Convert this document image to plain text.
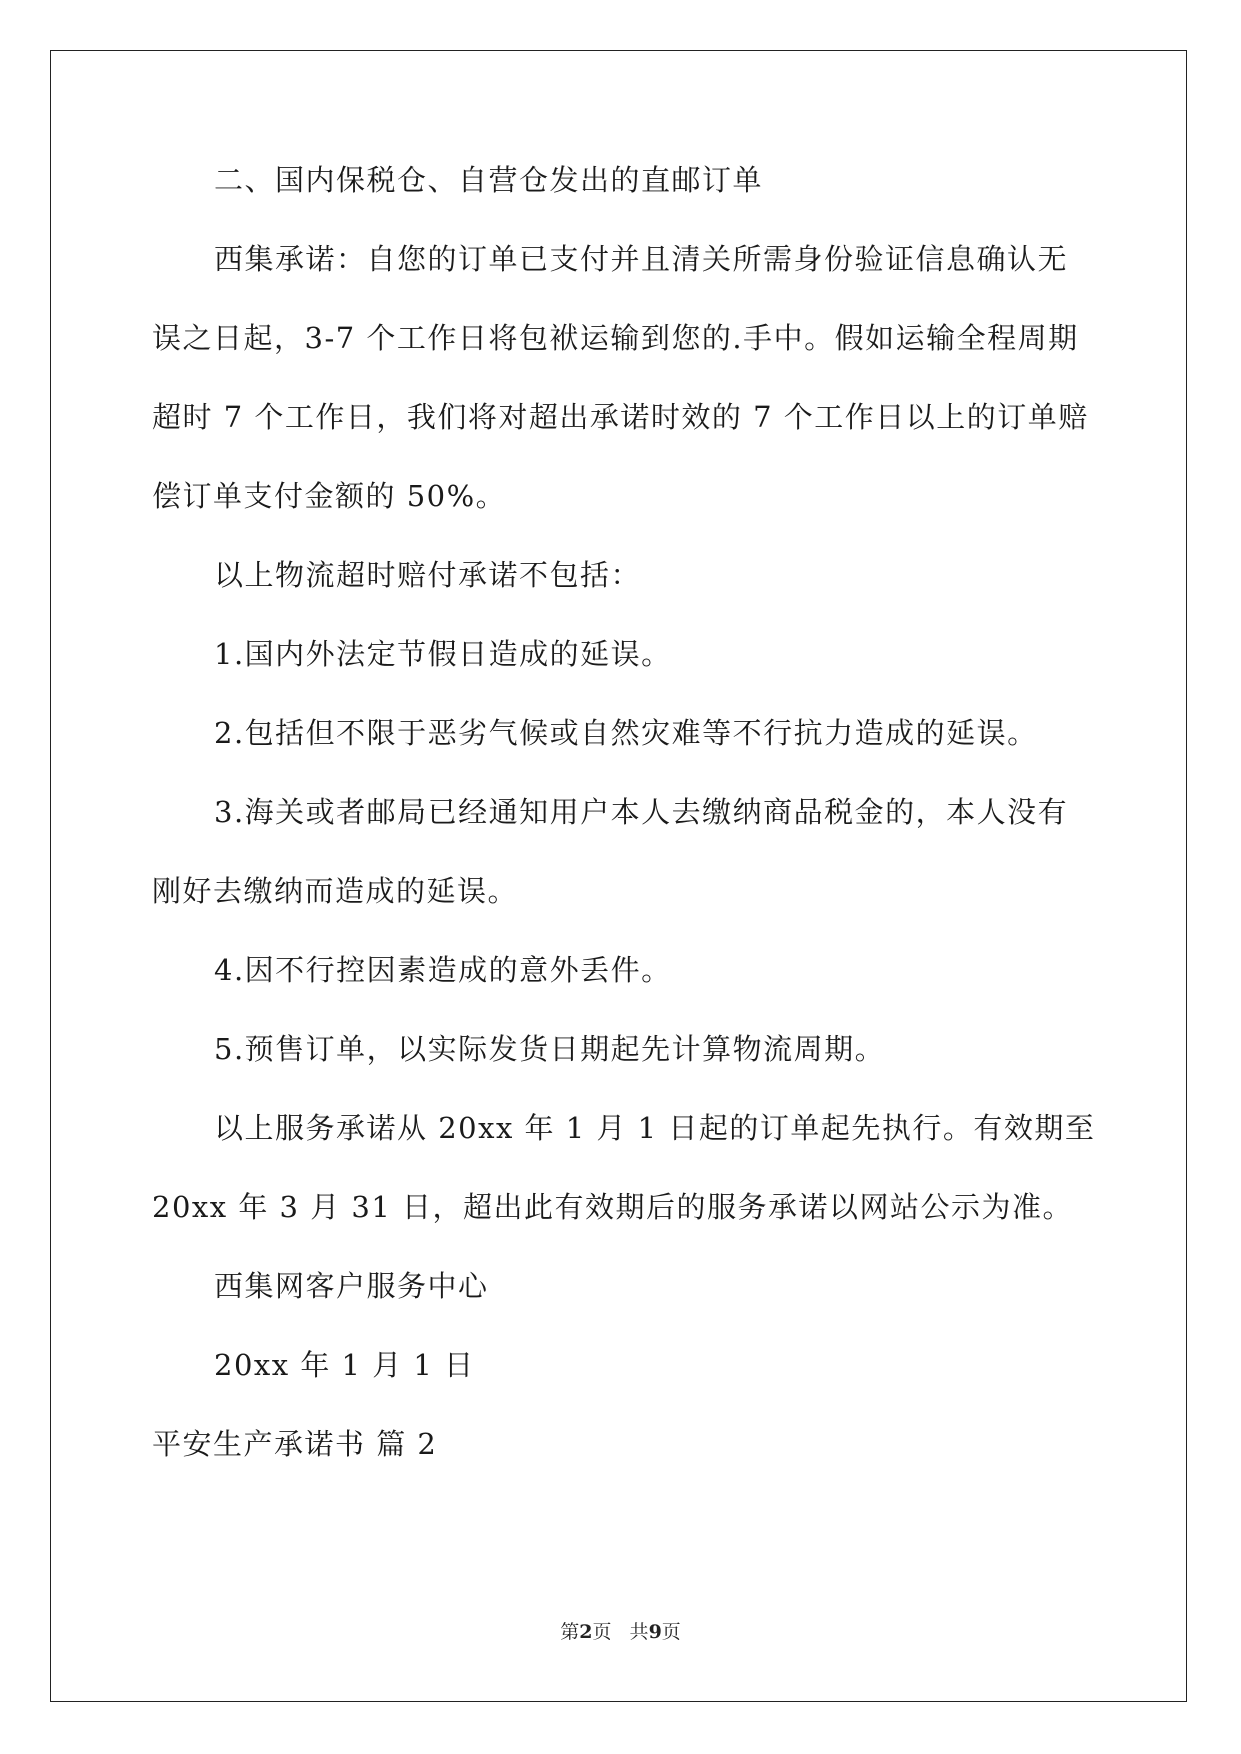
二、国内保税仓、自营仓发出的直邮订单

西集承诺：自您的订单已支付并且清关所需身份验证信息确认无

误之日起，3-7 个工作日将包袱运输到您的.手中。假如运输全程周期

超时 7 个工作日，我们将对超出承诺时效的 7 个工作日以上的订单赔

偿订单支付金额的 50%。

以上物流超时赔付承诺不包括：

1.国内外法定节假日造成的延误。

2.包括但不限于恶劣气候或自然灾难等不行抗力造成的延误。

3.海关或者邮局已经通知用户本人去缴纳商品税金的，本人没有

刚好去缴纳而造成的延误。

4.因不行控因素造成的意外丢件。

5.预售订单，以实际发货日期起先计算物流周期。

以上服务承诺从 20xx 年 1 月 1 日起的订单起先执行。有效期至

20xx 年 3 月 31 日，超出此有效期后的服务承诺以网站公示为准。

西集网客户服务中心

20xx 年 1 月 1 日

平安生产承诺书 篇 2

第2页   共9页
